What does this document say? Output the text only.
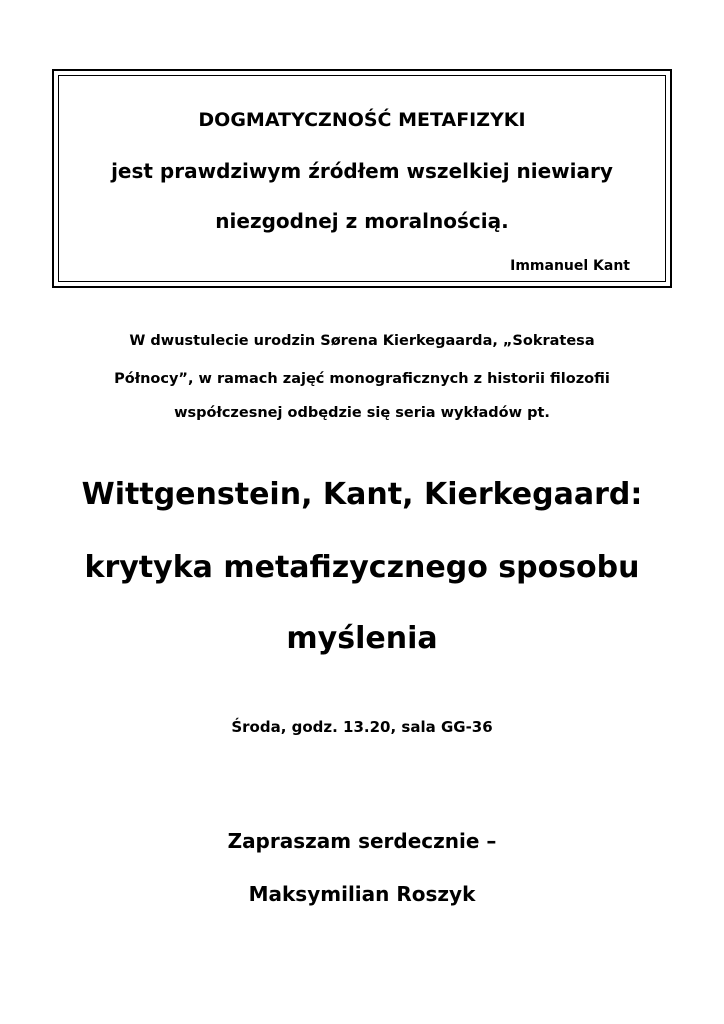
DOGMATYCZNOŚĆ METAFIZYKI
jest prawdziwym źródłem wszelkiej niewiary
niezgodnej z moralnością.
Immanuel Kant
W dwustulecie urodzin Sørena Kierkegaarda, „Sokratesa
Północy”, w ramach zajęć monograficznych z historii filozofii
współczesnej odbędzie się seria wykładów pt.
Wittgenstein, Kant, Kierkegaard:
krytyka metafizycznego sposobu
myślenia
Środa, godz. 13.20, sala GG-36
Zapraszam serdecznie –
Maksymilian Roszyk
